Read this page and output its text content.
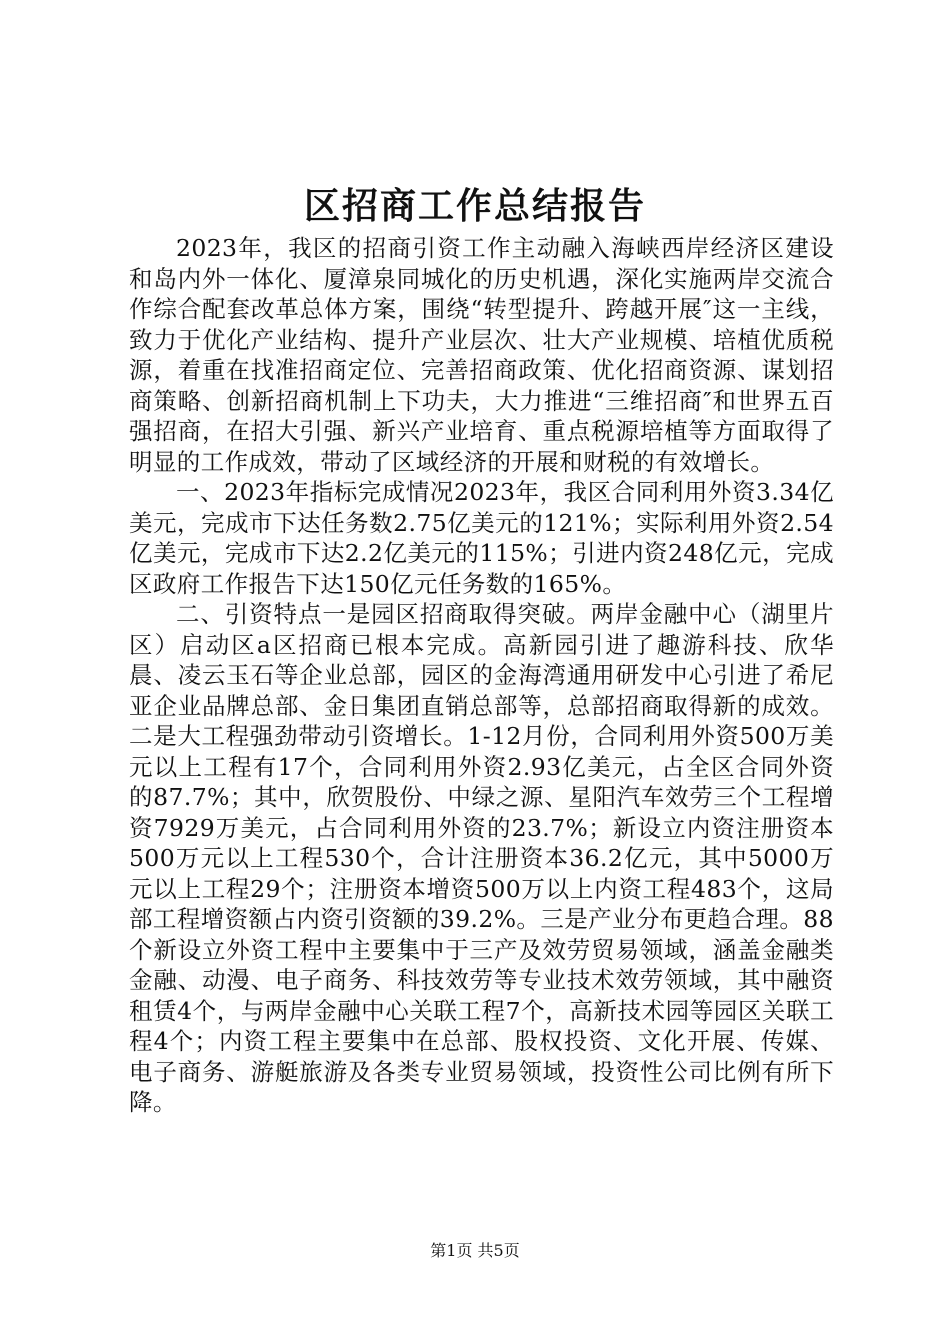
区招商工作总结报告

2023年，我区的招商引资工作主动融入海峡西岸经济区建设和岛内外一体化、厦漳泉同城化的历史机遇，深化实施两岸交流合作综合配套改革总体方案，围绕“转型提升、跨越开展″这一主线，致力于优化产业结构、提升产业层次、壮大产业规模、培植优质税源，着重在找准招商定位、完善招商政策、优化招商资源、谋划招商策略、创新招商机制上下功夫，大力推进“三维招商″和世界五百强招商，在招大引强、新兴产业培育、重点税源培植等方面取得了明显的工作成效，带动了区域经济的开展和财税的有效增长。

一、2023年指标完成情况2023年，我区合同利用外资3.34亿美元，完成市下达任务数2.75亿美元的121%；实际利用外资2.54亿美元，完成市下达2.2亿美元的115%；引进内资248亿元，完成区政府工作报告下达150亿元任务数的165%。

二、引资特点一是园区招商取得突破。两岸金融中心（湖里片区）启动区a区招商已根本完成。高新园引进了趣游科技、欣华晨、凌云玉石等企业总部，园区的金海湾通用研发中心引进了希尼亚企业品牌总部、金日集团直销总部等，总部招商取得新的成效。二是大工程强劲带动引资增长。1-12月份，合同利用外资500万美元以上工程有17个，合同利用外资2.93亿美元，占全区合同外资的87.7%；其中，欣贺股份、中绿之源、星阳汽车效劳三个工程增资7929万美元，占合同利用外资的23.7%；新设立内资注册资本500万元以上工程530个，合计注册资本36.2亿元，其中5000万元以上工程29个；注册资本增资500万以上内资工程483个，这局部工程增资额占内资引资额的39.2%。三是产业分布更趋合理。88个新设立外资工程中主要集中于三产及效劳贸易领域，涵盖金融类金融、动漫、电子商务、科技效劳等专业技术效劳领域，其中融资租赁4个，与两岸金融中心关联工程7个，高新技术园等园区关联工程4个；内资工程主要集中在总部、股权投资、文化开展、传媒、电子商务、游艇旅游及各类专业贸易领域，投资性公司比例有所下降。

第1页 共5页
